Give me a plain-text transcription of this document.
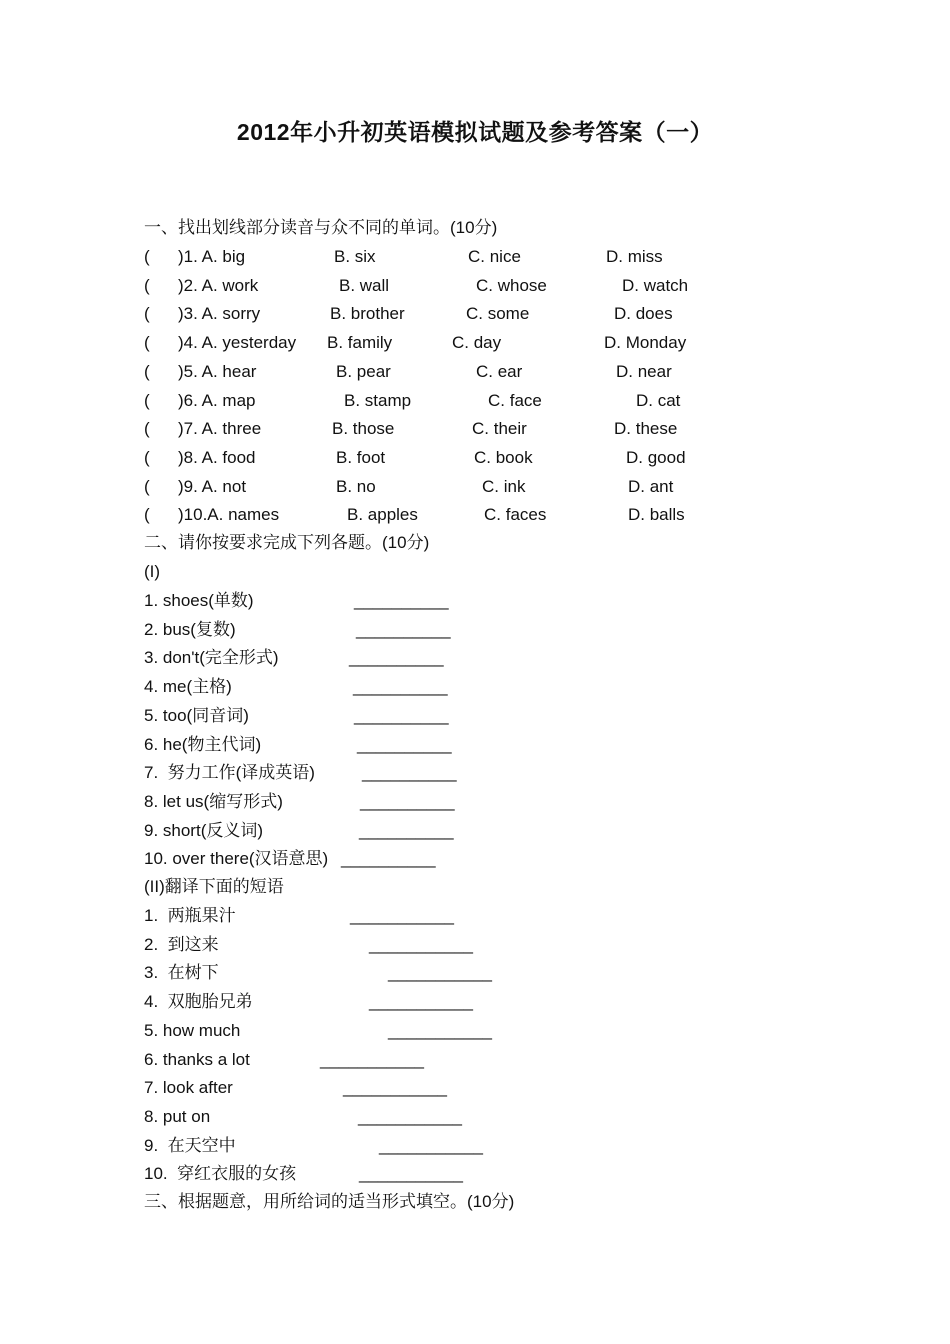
2012年小升初英语模拟试题及参考答案（一）
一、找出划线部分读音与众不同的单词。(10分)
( )1. A. big	B. six	C. nice	D. miss
( )2. A. work	B. wall	C. whose	D. watch
( )3. A. sorry	B. brother	C. some	D. does
( )4. A. yesterday B. family	C. day	D. Monday
( )5. A. hear	B. pear	C. ear	D. near
( )6. A. map	B. stamp	C. face	D. cat
( )7. A. three	B. those	C. their	D. these
( )8. A. food	B. foot	C. book	D. good
( )9. A. not	B. no	C. ink	D. ant
( )10.A. names	B. apples	C. faces	D. balls
二、请你按要求完成下列各题。(10分)
(I)
1. shoes(单数)	__________
2. bus(复数)	__________
3. don't(完全形式)	__________
4. me(主格)	__________
5. too(同音词)	__________
6. he(物主代词)	__________
7.  努力工作(译成英语)	__________
8. let us(缩写形式)	__________
9. short(反义词)	__________
10. over there(汉语意思) __________
(II)翻译下面的短语
1.  两瓶果汁	___________
2.  到这来	___________
3.  在树下	___________
4.  双胞胎兄弟	___________
5. how much	___________
6. thanks a lot	___________
7. look after	___________
8. put on	___________
9.  在天空中	___________
10.  穿红衣服的女孩	___________
三、根据题意，用所给词的适当形式填空。(10分)
